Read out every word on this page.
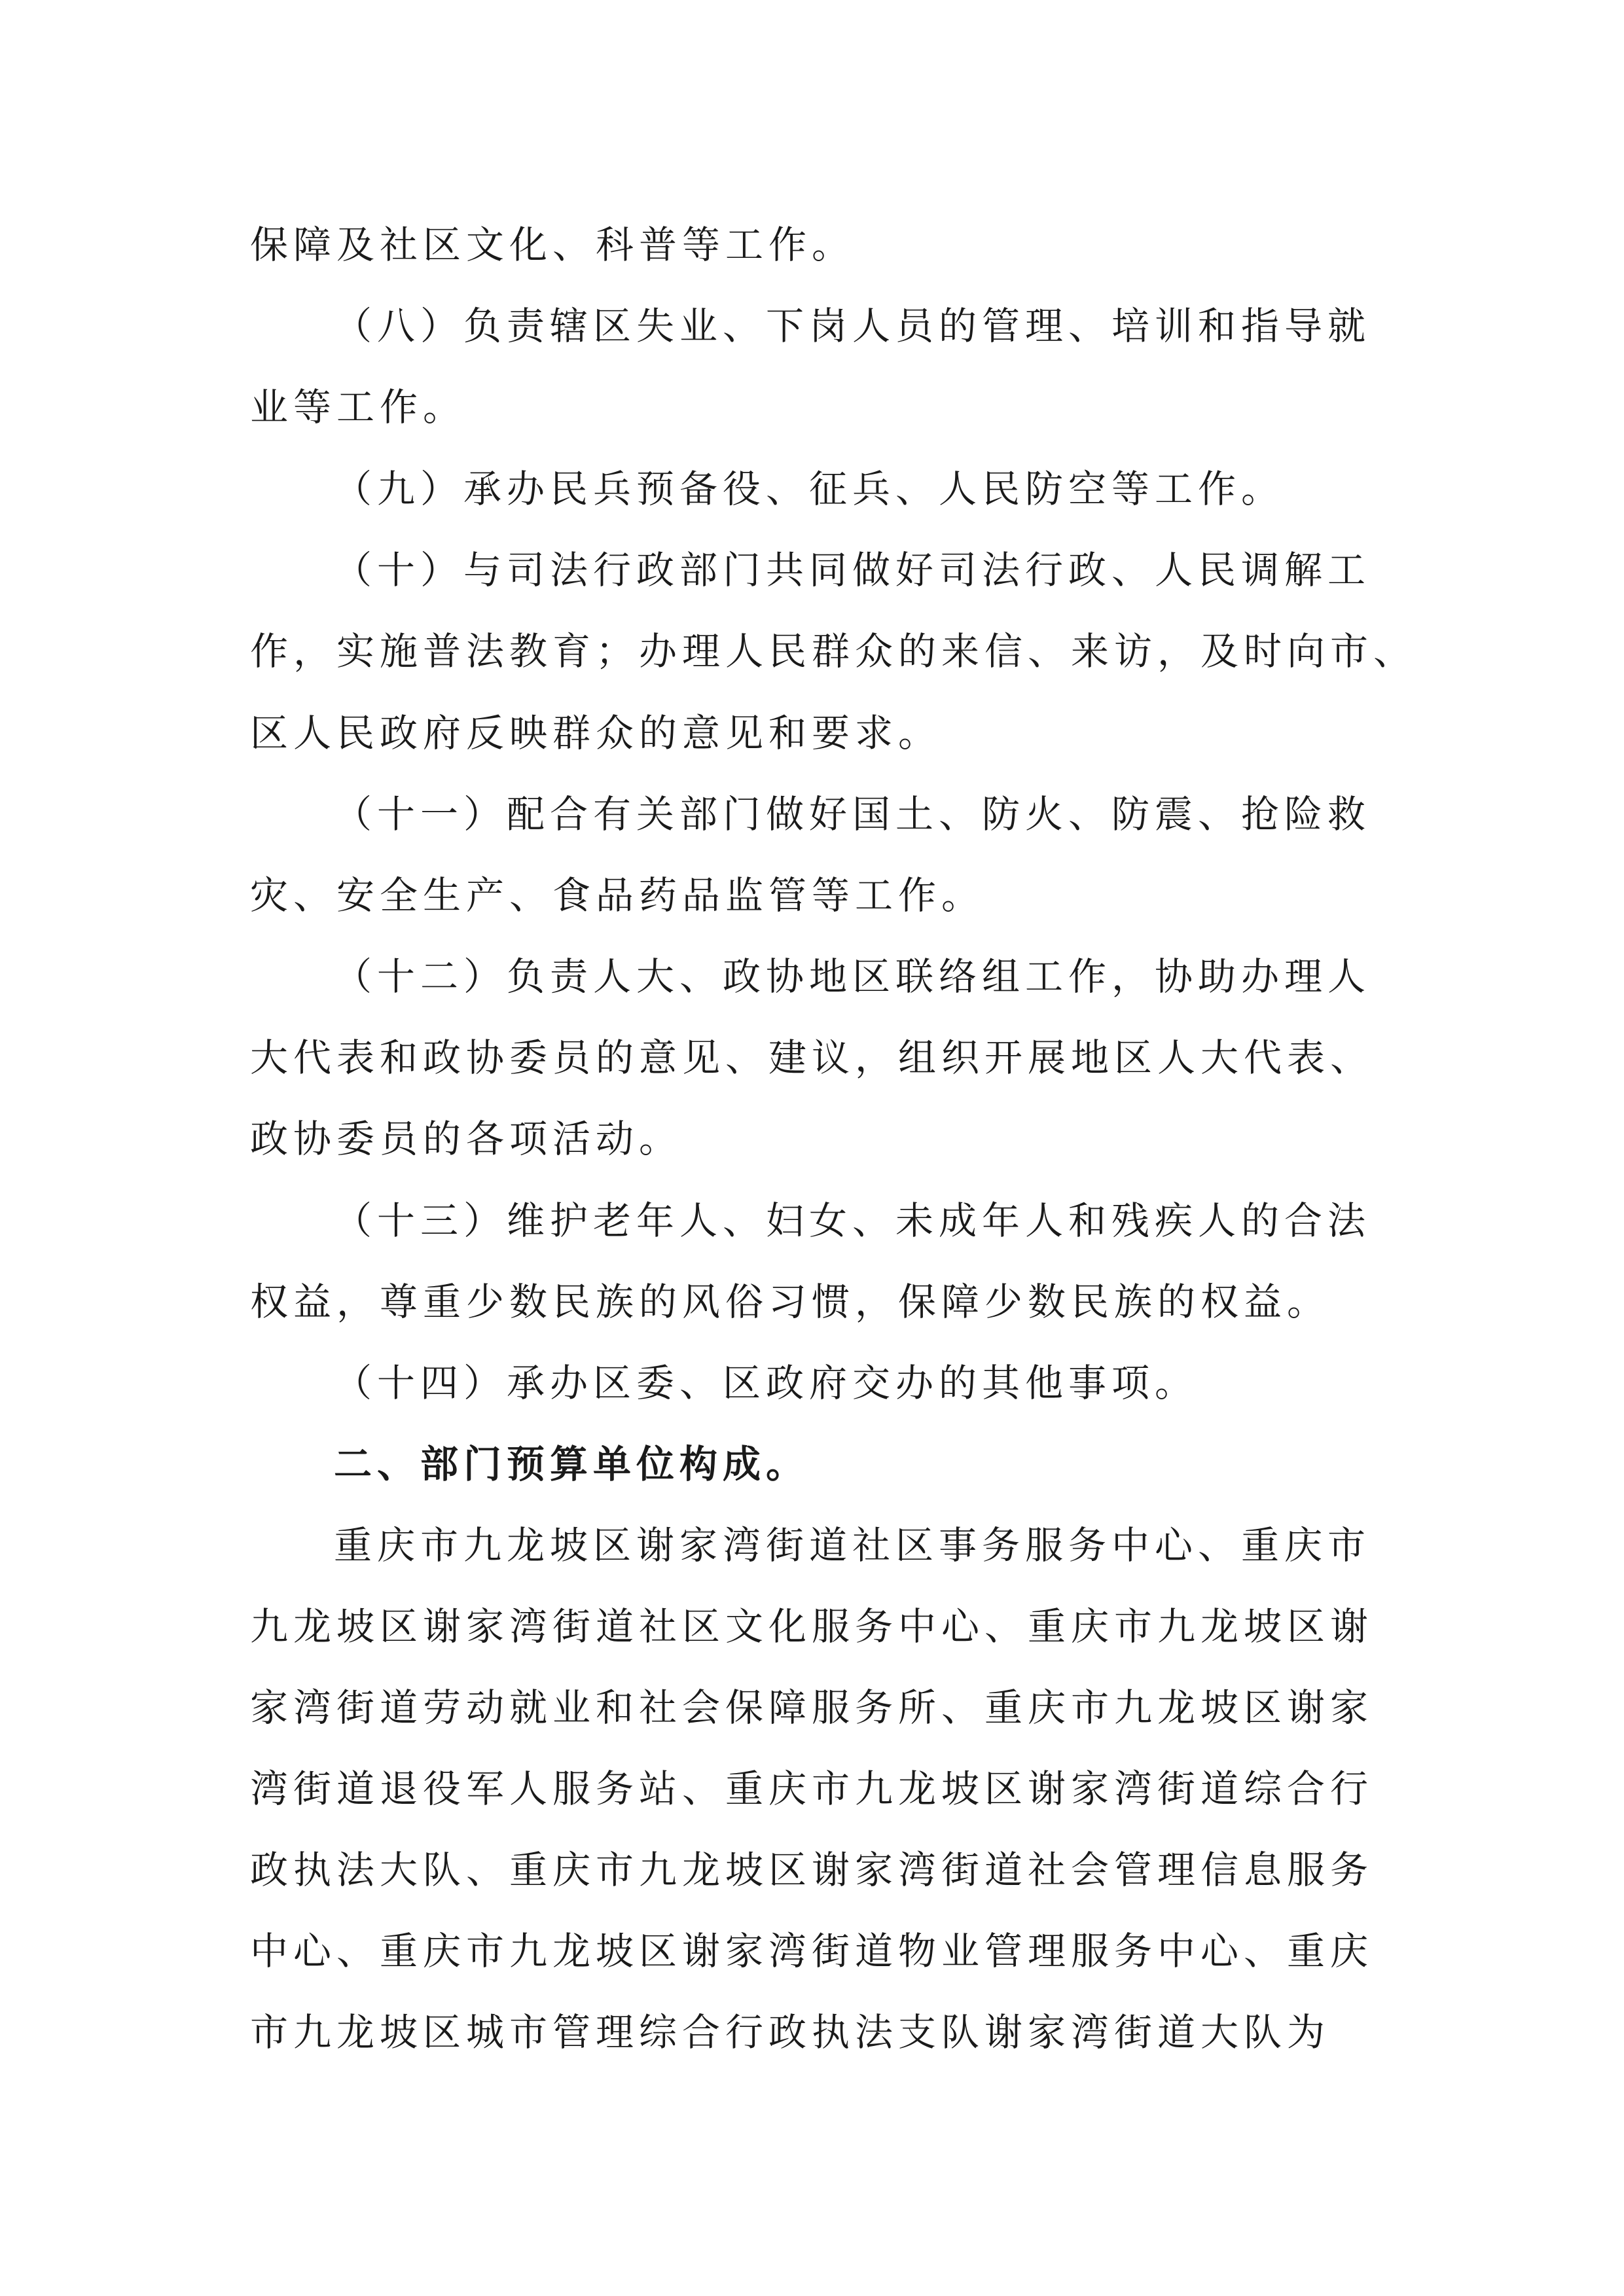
保障及社区文化、科普等工作。
（八）负责辖区失业、下岗人员的管理、培训和指导就
业等工作。
（九）承办民兵预备役、征兵、人民防空等工作。
（十）与司法行政部门共同做好司法行政、人民调解工
作，实施普法教育；办理人民群众的来信、来访，及时向市、
区人民政府反映群众的意见和要求。
（十一）配合有关部门做好国土、防火、防震、抢险救
灾、安全生产、食品药品监管等工作。
（十二）负责人大、政协地区联络组工作，协助办理人
大代表和政协委员的意见、建议，组织开展地区人大代表、
政协委员的各项活动。
（十三）维护老年人、妇女、未成年人和残疾人的合法
权益，尊重少数民族的风俗习惯，保障少数民族的权益。
（十四）承办区委、区政府交办的其他事项。
二、部门预算单位构成。
重庆市九龙坡区谢家湾街道社区事务服务中心、重庆市
九龙坡区谢家湾街道社区文化服务中心、重庆市九龙坡区谢
家湾街道劳动就业和社会保障服务所、重庆市九龙坡区谢家
湾街道退役军人服务站、重庆市九龙坡区谢家湾街道综合行
政执法大队、重庆市九龙坡区谢家湾街道社会管理信息服务
中心、重庆市九龙坡区谢家湾街道物业管理服务中心、重庆
市九龙坡区城市管理综合行政执法支队谢家湾街道大队为
